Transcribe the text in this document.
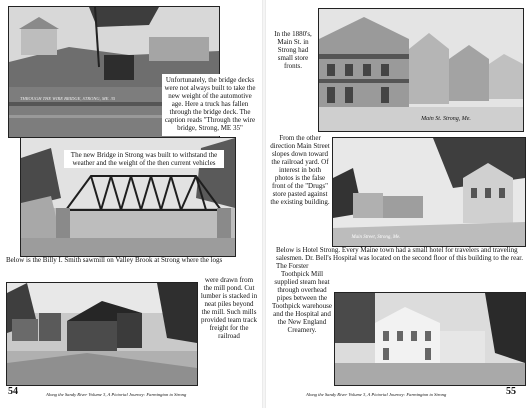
THROUGH THE WIRE BRIDGE, STRONG, ME. 35
Unfortunately, the bridge decks were not always built to take the new weight of the automotive age. Here a truck has fallen through the bridge deck. The caption reads "Through the wire bridge, Strong, ME 35"
The new Bridge in Strong was built to withstand the weather and the weight of the then current vehicles
Below is the Billy I. Smith sawmill on Valley Brook at Strong where the logs
were drawn from the mill pond. Cut lumber is stacked in neat piles beyond the mill. Such mills provided team track freight for the railroad
54	Along the Sandy River Volume 3, A Pictorial Journey: Farmington to Strong
In the 1880's, Main St. in Strong had small store fronts.
Main St. Strong, Me.
From the other direction Main Street slopes down toward the railroad yard. Of interest in both photos is the false front of the "Drugs" store pasted against the existing building.
Main Street, Strong, Me.
Below is Hotel Strong. Every Maine town had a small hotel for travelers and traveling salesmen. Dr. Bell's Hospital was located on the second floor of this building to the rear. The Forster
Toothpick Mill supplied steam heat through overhead pipes between the Toothpick warehouse and the Hospital and the New England Creamery.
55
Along the Sandy River Volume 3, A Pictorial Journey: Farmington to Strong
